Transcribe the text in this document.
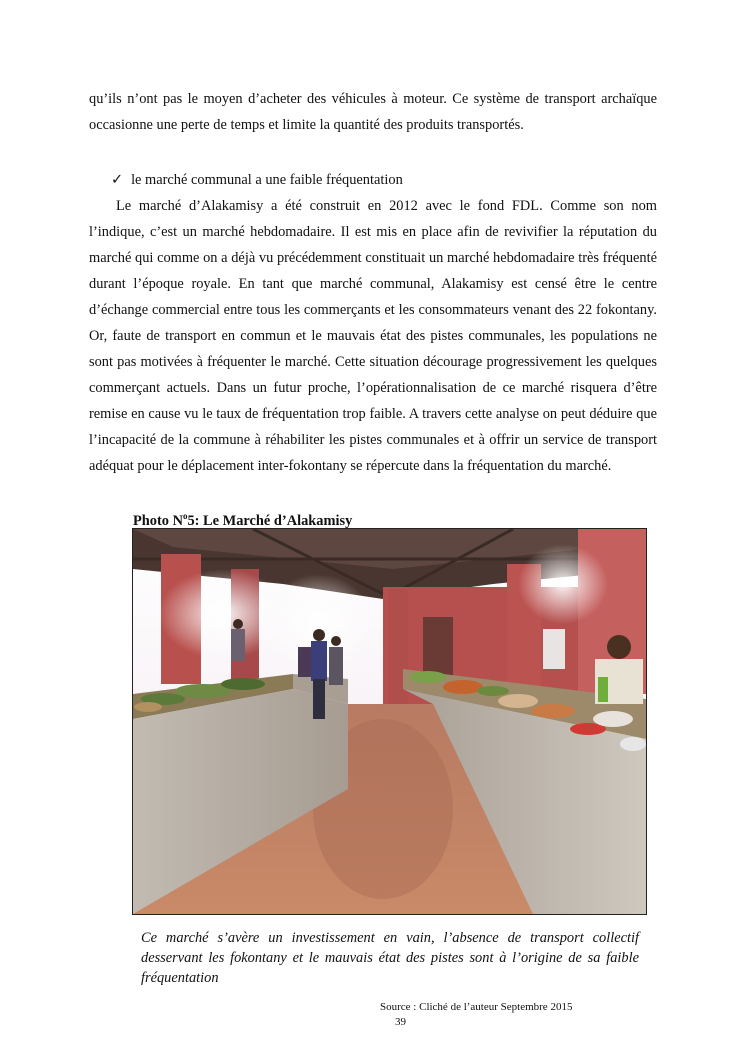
qu’ils n’ont pas le moyen d’acheter des véhicules à moteur. Ce système de transport archaïque occasionne une perte de temps et limite la quantité des produits transportés.

✓ le marché communal a une faible fréquentation

Le marché d’Alakamisy a été construit en 2012 avec le fond FDL. Comme son nom l’indique, c’est un marché hebdomadaire. Il est mis en place afin de revivifier la réputation du marché qui comme on a déjà vu précédemment constituait un marché hebdomadaire très fréquenté durant l’époque royale. En tant que marché communal, Alakamisy est censé être le centre d’échange commercial entre tous les commerçants et les consommateurs venant des 22 fokontany. Or, faute de transport en commun et le mauvais état des pistes communales, les populations ne sont pas motivées à fréquenter le marché. Cette situation décourage progressivement les quelques commerçant actuels. Dans un futur proche, l’opérationnalisation de ce marché risquera d’être remise en cause vu le taux de fréquentation trop faible. A travers cette analyse on peut déduire que l’incapacité de la commune à réhabiliter les pistes communales et à offrir un service de transport adéquat pour le déplacement inter-fokontany se répercute dans la fréquentation du marché.

Photo $N^o5$: Le Marché d’Alakamisy

Ce marché s’avère un investissement en vain, l’absence de transport collectif desservant les fokontany et le mauvais état des pistes sont à l’origine de sa faible fréquentation

Source : Cliché de l’auteur Septembre 2015
39
